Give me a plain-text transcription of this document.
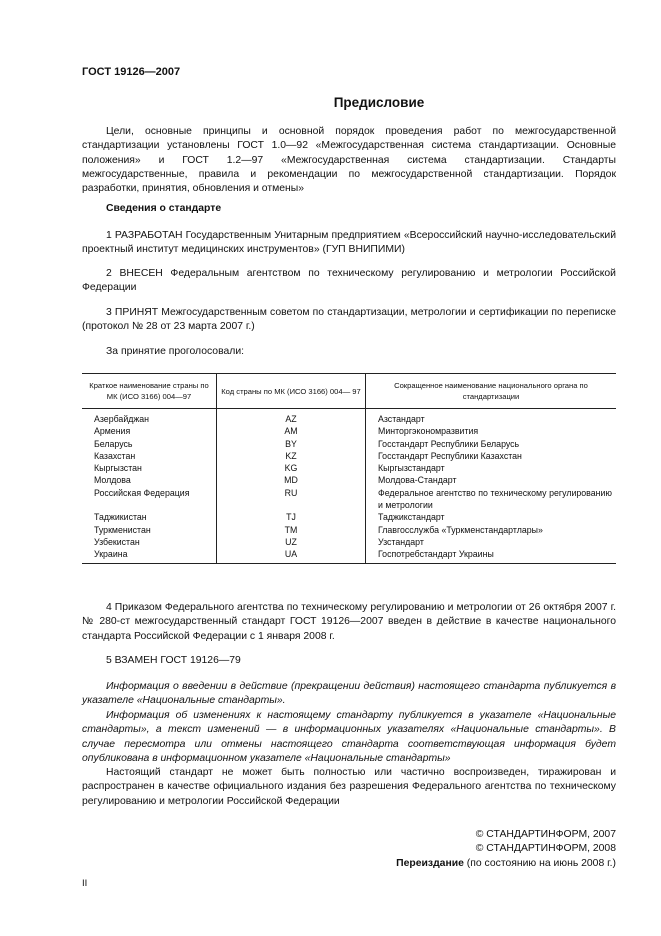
ГОСТ 19126—2007
Предисловие
Цели, основные принципы и основной порядок проведения работ по межгосударственной стандартизации установлены ГОСТ 1.0—92 «Межгосударственная система стандартизации. Основные положения» и ГОСТ 1.2—97 «Межгосударственная система стандартизации. Стандарты межгосударственные, правила и рекомендации по межгосударственной стандартизации. Порядок разработки, принятия, обновления и отмены»
Сведения о стандарте
1 РАЗРАБОТАН Государственным Унитарным предприятием «Всероссийский научно-исследовательский проектный институт медицинских инструментов» (ГУП ВНИПИМИ)
2 ВНЕСЕН Федеральным агентством по техническому регулированию и метрологии Российской Федерации
3 ПРИНЯТ Межгосударственным советом по стандартизации, метрологии и сертификации по переписке (протокол № 28 от 23 марта 2007 г.)
За принятие проголосовали:
Краткое наименование страны по МК (ИСО 3166) 004—97	Код страны по МК (ИСО 3166) 004— 97	Сокращенное наименование национального органа по стандартизации
Азербайджан	AZ	Азстандарт
Армения	AM	Минторгэкономразвития
Беларусь	BY	Госстандарт Республики Беларусь
Казахстан	KZ	Госстандарт Республики Казахстан
Кыргызстан	KG	Кыргызстандарт
Молдова	MD	Молдова-Стандарт
Российская Федерация	RU	Федеральное агентство по техническому регулированию и метрологии
Таджикистан	TJ	Таджикстандарт
Туркменистан	TM	Главгосслужба «Туркменстандартлары»
Узбекистан	UZ	Узстандарт
Украина	UA	Госпотребстандарт Украины
4 Приказом Федерального агентства по техническому регулированию и метрологии от 26 октября 2007 г. № 280-ст межгосударственный стандарт ГОСТ 19126—2007 введен в действие в качестве национального стандарта Российской Федерации с 1 января 2008 г.
5 ВЗАМЕН ГОСТ 19126—79
Информация о введении в действие (прекращении действия) настоящего стандарта публикуется в указателе «Национальные стандарты».
Информация об изменениях к настоящему стандарту публикуется в указателе «Национальные стандарты», а текст изменений — в информационных указателях «Национальные стандарты». В случае пересмотра или отмены настоящего стандарта соответствующая информация будет опубликована в информационном указателе «Национальные стандарты»
Настоящий стандарт не может быть полностью или частично воспроизведен, тиражирован и распространен в качестве официального издания без разрешения Федерального агентства по техническому регулированию и метрологии Российской Федерации
© СТАНДАРТИНФОРМ, 2007
© СТАНДАРТИНФОРМ, 2008
Переиздание (по состоянию на июнь 2008 г.)
II
